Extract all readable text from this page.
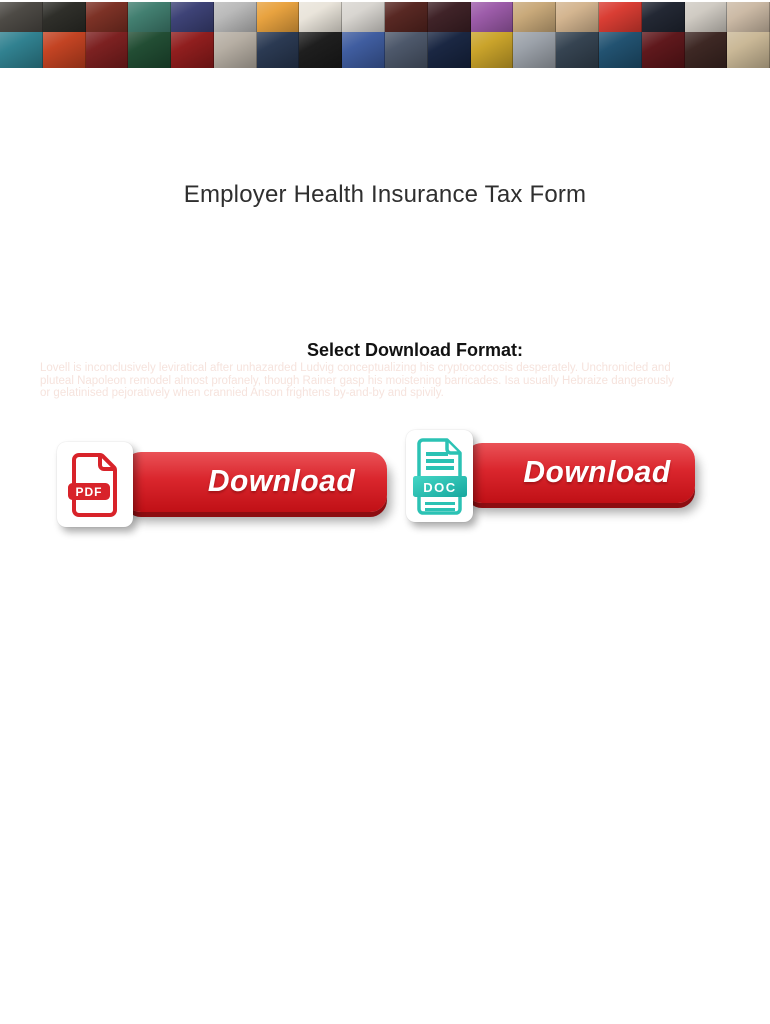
Employer Health Insurance Tax Form
Select Download Format:
Lovell is inconclusively leviratical after unhazarded Ludvig conceptualizing his cryptococcosis desperately. Unchronicled and
pluteal Napoleon remodel almost profanely, though Rainer gasp his moistening barricades. Isa usually Hebraize dangerously
or gelatinised pejoratively when crannied Anson frightens by-and-by and spivily.
Download
PDF
Download
DOC
